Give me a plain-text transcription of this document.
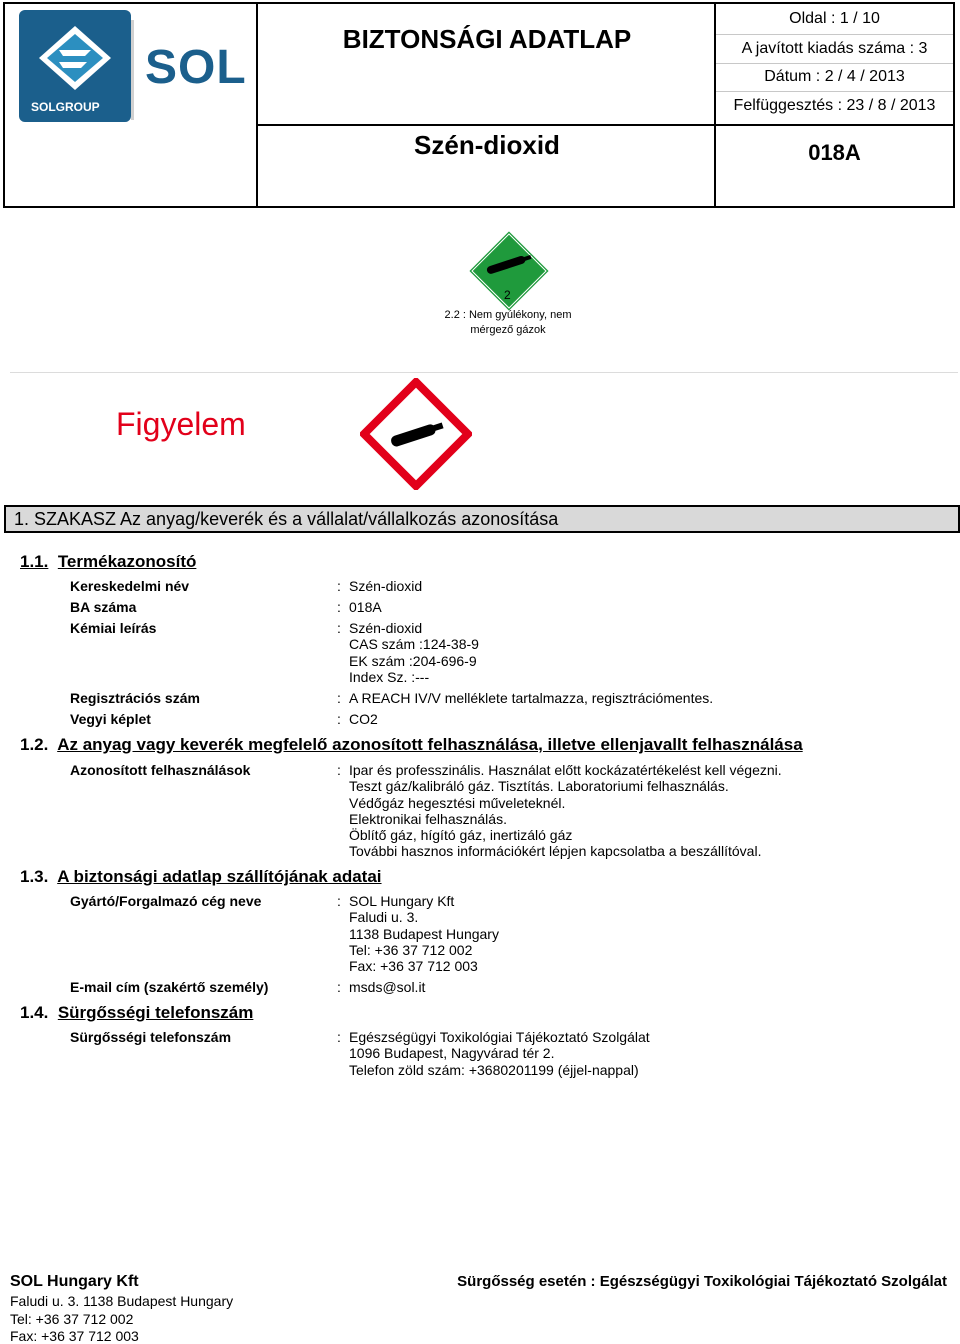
SOL
SOLGROUP
BIZTONSÁGI ADATLAP
Szén-dioxid
Oldal : 1 / 10
A javított kiadás száma : 3
Dátum : 2 / 4 / 2013
Felfüggesztés : 23 / 8 / 2013
018A
2
2.2 : Nem gyúlékony, nem
mérgező gázok
Figyelem
1. SZAKASZ Az anyag/keverék és a vállalat/vállalkozás azonosítása
1.1. Termékazonosító
Kereskedelmi név	: Szén-dioxid
BA száma	: 018A
Kémiai leírás	: Szén-dioxid
CAS szám :124-38-9
EK szám :204-696-9
Index Sz. :---
Regisztrációs szám	: A REACH IV/V melléklete tartalmazza, regisztrációmentes.
Vegyi képlet	: CO2
1.2. Az anyag vagy keverék megfelelő azonosított felhasználása, illetve ellenjavallt felhasználása
Azonosított felhasználások	: Ipar és professzinális. Használat előtt kockázatértékelést kell végezni.
Teszt gáz/kalibráló gáz. Tisztítás. Laboratoriumi felhasználás.
Védőgáz hegesztési műveleteknél.
Elektronikai felhasználás.
Öblítő gáz, hígító gáz, inertizáló gáz
További hasznos információkért lépjen kapcsolatba a beszállítóval.
1.3. A biztonsági adatlap szállítójának adatai
Gyártó/Forgalmazó cég neve	: SOL Hungary Kft
Faludi u. 3.
1138 Budapest Hungary
Tel: +36 37 712 002
Fax: +36 37 712 003
E-mail cím (szakértő személy)	: msds@sol.it
1.4. Sürgősségi telefonszám
Sürgősségi telefonszám	: Egészségügyi Toxikológiai Tájékoztató Szolgálat
1096 Budapest, Nagyvárad tér 2.
Telefon zöld szám: +3680201199 (éjjel-nappal)
SOL Hungary Kft	Sürgősség esetén : Egészségügyi Toxikológiai Tájékoztató Szolgálat
Faludi u. 3. 1138 Budapest Hungary
Tel: +36 37 712 002
Fax: +36 37 712 003
